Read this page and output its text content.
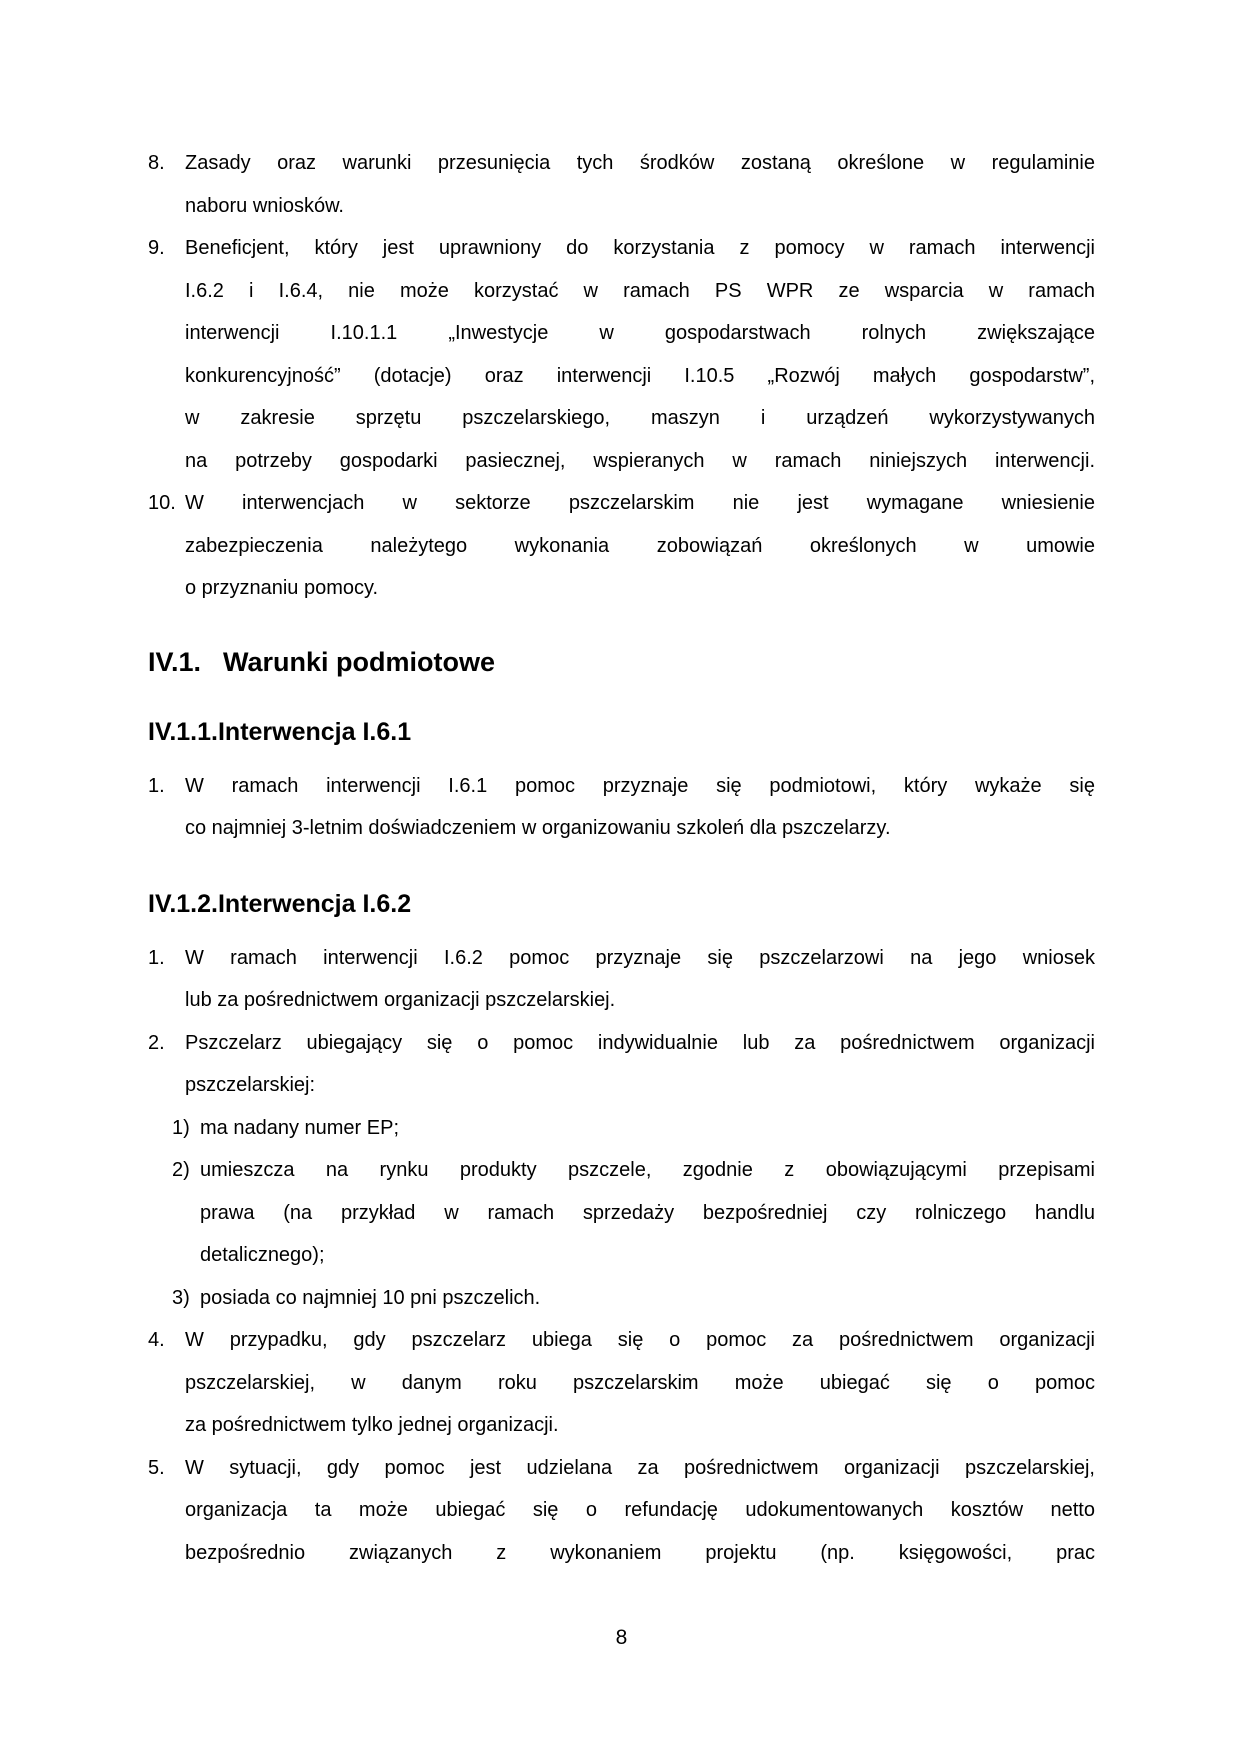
8.	Zasady oraz warunki przesunięcia tych środków zostaną określone w regulaminie
naboru wniosków.
9.	Beneficjent, który jest uprawniony do korzystania z pomocy w ramach interwencji
I.6.2 i I.6.4, nie może korzystać w ramach PS WPR ze wsparcia w ramach
interwencji I.10.1.1 „Inwestycje w gospodarstwach rolnych zwiększające
konkurencyjność” (dotacje) oraz interwencji I.10.5 „Rozwój małych gospodarstw”,
w zakresie sprzętu pszczelarskiego, maszyn i urządzeń wykorzystywanych
na potrzeby gospodarki pasiecznej, wspieranych w ramach niniejszych interwencji.
10. W interwencjach w sektorze pszczelarskim nie jest wymagane wniesienie
zabezpieczenia należytego wykonania zobowiązań określonych w umowie
o przyznaniu pomocy.
IV.1. Warunki podmiotowe
IV.1.1.Interwencja I.6.1
1.	W ramach interwencji I.6.1 pomoc przyznaje się podmiotowi, który wykaże się
co najmniej 3-letnim doświadczeniem w organizowaniu szkoleń dla pszczelarzy.
IV.1.2.Interwencja I.6.2
1.	W ramach interwencji I.6.2 pomoc przyznaje się pszczelarzowi na jego wniosek
lub za pośrednictwem organizacji pszczelarskiej.
2.	Pszczelarz ubiegający się o pomoc indywidualnie lub za pośrednictwem organizacji
pszczelarskiej:
1) ma nadany numer EP;
2) umieszcza na rynku produkty pszczele, zgodnie z obowiązującymi przepisami
prawa (na przykład w ramach sprzedaży bezpośredniej czy rolniczego handlu
detalicznego);
3) posiada co najmniej 10 pni pszczelich.
4.	W przypadku, gdy pszczelarz ubiega się o pomoc za pośrednictwem organizacji
pszczelarskiej, w danym roku pszczelarskim może ubiegać się o pomoc
za pośrednictwem tylko jednej organizacji.
5.	W sytuacji, gdy pomoc jest udzielana za pośrednictwem organizacji pszczelarskiej,
organizacja ta może ubiegać się o refundację udokumentowanych kosztów netto
bezpośrednio związanych z wykonaniem projektu (np. księgowości, prac
8
